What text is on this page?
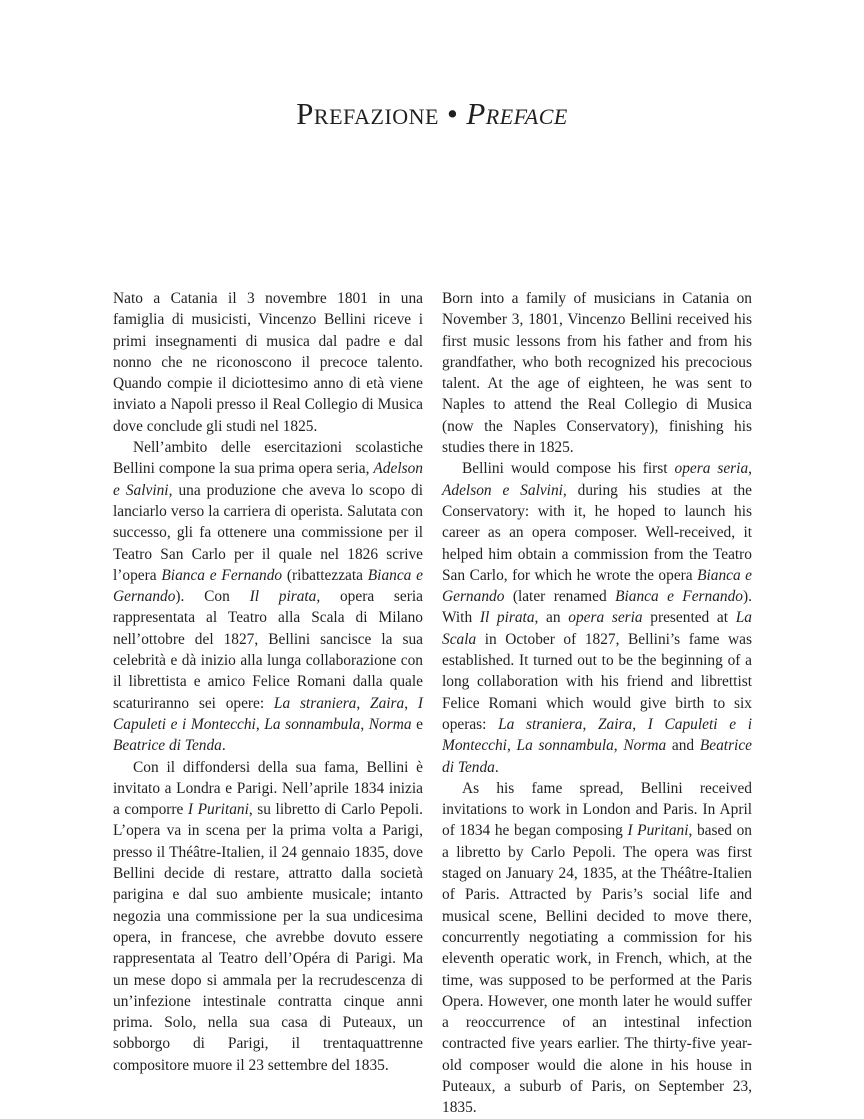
Prefazione • Preface

Nato a Catania il 3 novembre 1801 in una famiglia di musicisti, Vincenzo Bellini riceve i primi insegnamenti di musica dal padre e dal nonno che ne riconoscono il precoce talento. Quando compie il diciottesimo anno di età viene inviato a Napoli presso il Real Collegio di Musica dove conclude gli studi nel 1825.

Nell’ambito delle esercitazioni scolastiche Bellini compone la sua prima opera seria, Adelson e Salvini, una produzione che aveva lo scopo di lanciarlo verso la carriera di operista. Salutata con successo, gli fa ottenere una commissione per il Teatro San Carlo per il quale nel 1826 scrive l’opera Bianca e Fernando (ribattezzata Bianca e Gernando). Con Il pirata, opera seria rappresentata al Teatro alla Scala di Milano nell’ottobre del 1827, Bellini sancisce la sua celebrità e dà inizio alla lunga collaborazione con il librettista e amico Felice Romani dalla quale scaturiranno sei opere: La straniera, Zaira, I Capuleti e i Montecchi, La sonnambula, Norma e Beatrice di Tenda.

Con il diffondersi della sua fama, Bellini è invitato a Londra e Parigi. Nell’aprile 1834 inizia a comporre I Puritani, su libretto di Carlo Pepoli. L’opera va in scena per la prima volta a Parigi, presso il Théâtre-Italien, il 24 gennaio 1835, dove Bellini decide di restare, attratto dalla società parigina e dal suo ambiente musicale; intanto negozia una commissione per la sua undicesima opera, in francese, che avrebbe dovuto essere rappresentata al Teatro dell’Opéra di Parigi. Ma un mese dopo si ammala per la recrudescenza di un’infezione intestinale contratta cinque anni prima. Solo, nella sua casa di Puteaux, un sobborgo di Parigi, il trentaquattrenne compositore muore il 23 settembre del 1835.

Born into a family of musicians in Catania on November 3, 1801, Vincenzo Bellini received his first music lessons from his father and from his grandfather, who both recognized his precocious talent. At the age of eighteen, he was sent to Naples to attend the Real Collegio di Musica (now the Naples Conservatory), finishing his studies there in 1825.

Bellini would compose his first opera seria, Adelson e Salvini, during his studies at the Conservatory: with it, he hoped to launch his career as an opera composer. Well-received, it helped him obtain a commission from the Teatro San Carlo, for which he wrote the opera Bianca e Gernando (later renamed Bianca e Fernando). With Il pirata, an opera seria presented at La Scala in October of 1827, Bellini’s fame was established. It turned out to be the beginning of a long collaboration with his friend and librettist Felice Romani which would give birth to six operas: La straniera, Zaira, I Capuleti e i Montecchi, La sonnambula, Norma and Beatrice di Tenda.

As his fame spread, Bellini received invitations to work in London and Paris. In April of 1834 he began composing I Puritani, based on a libretto by Carlo Pepoli. The opera was first staged on January 24, 1835, at the Théâtre-Italien of Paris. Attracted by Paris’s social life and musical scene, Bellini decided to move there, concurrently negotiating a commission for his eleventh operatic work, in French, which, at the time, was supposed to be performed at the Paris Opera. However, one month later he would suffer a reoccurrence of an intestinal infection contracted five years earlier. The thirty-five year-old composer would die alone in his house in Puteaux, a suburb of Paris, on September 23, 1835.
